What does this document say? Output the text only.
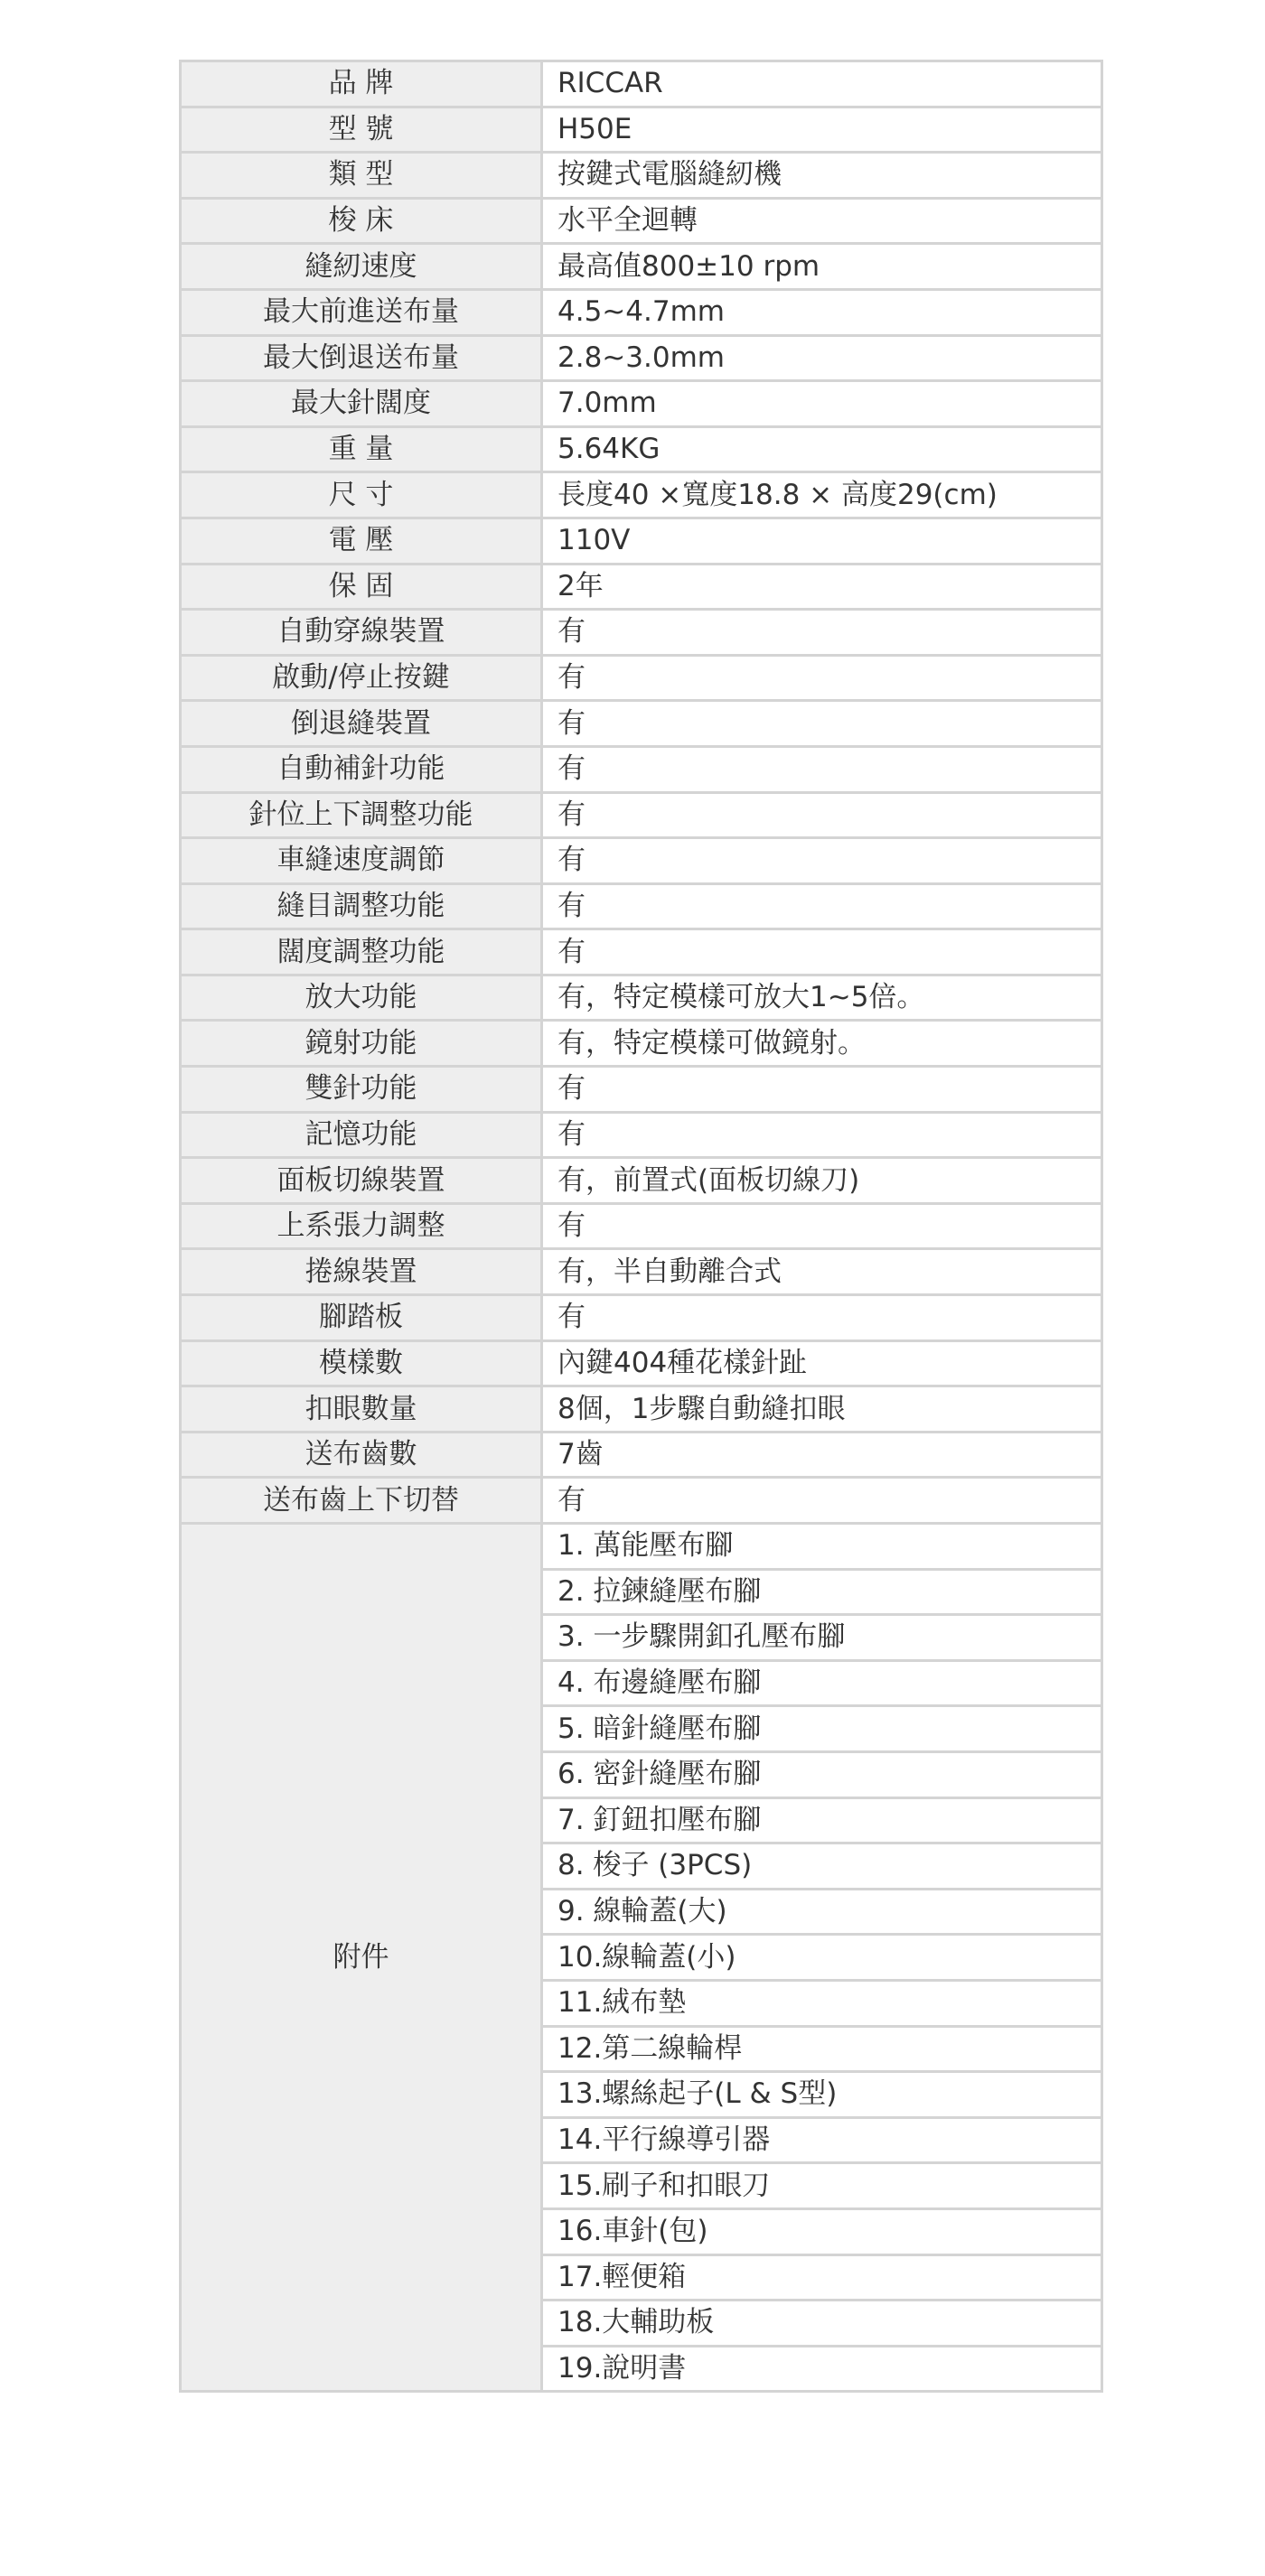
品 牌	RICCAR
型 號	H50E
類 型	按鍵式電腦縫紉機
梭 床	水平全迴轉
縫紉速度	最高值800±10 rpm
最大前進送布量	4.5~4.7mm
最大倒退送布量	2.8~3.0mm
最大針闊度	7.0mm
重 量	5.64KG
尺 寸	長度40 ×寬度18.8 × 高度29(cm)
電 壓	110V
保 固	2年
自動穿線裝置	有
啟動/停止按鍵	有
倒退縫裝置	有
自動補針功能	有
針位上下調整功能	有
車縫速度調節	有
縫目調整功能	有
闊度調整功能	有
放大功能	有，特定模樣可放大1~5倍。
鏡射功能	有，特定模樣可做鏡射。
雙針功能	有
記憶功能	有
面板切線裝置	有，前置式(面板切線刀)
上系張力調整	有
捲線裝置	有，半自動離合式
腳踏板	有
模樣數	內鍵404種花樣針趾
扣眼數量	8個，1步驟自動縫扣眼
送布齒數	7齒
送布齒上下切替	有
附件	1. 萬能壓布腳
	2. 拉鍊縫壓布腳
	3. 一步驟開釦孔壓布腳
	4. 布邊縫壓布腳
	5. 暗針縫壓布腳
	6. 密針縫壓布腳
	7. 釘鈕扣壓布腳
	8. 梭子 (3PCS)
	9. 線輪蓋(大)
	10.線輪蓋(小)
	11.絨布墊
	12.第二線輪桿
	13.螺絲起子(L & S型)
	14.平行線導引器
	15.刷子和扣眼刀
	16.車針(包)
	17.輕便箱
	18.大輔助板
	19.說明書
